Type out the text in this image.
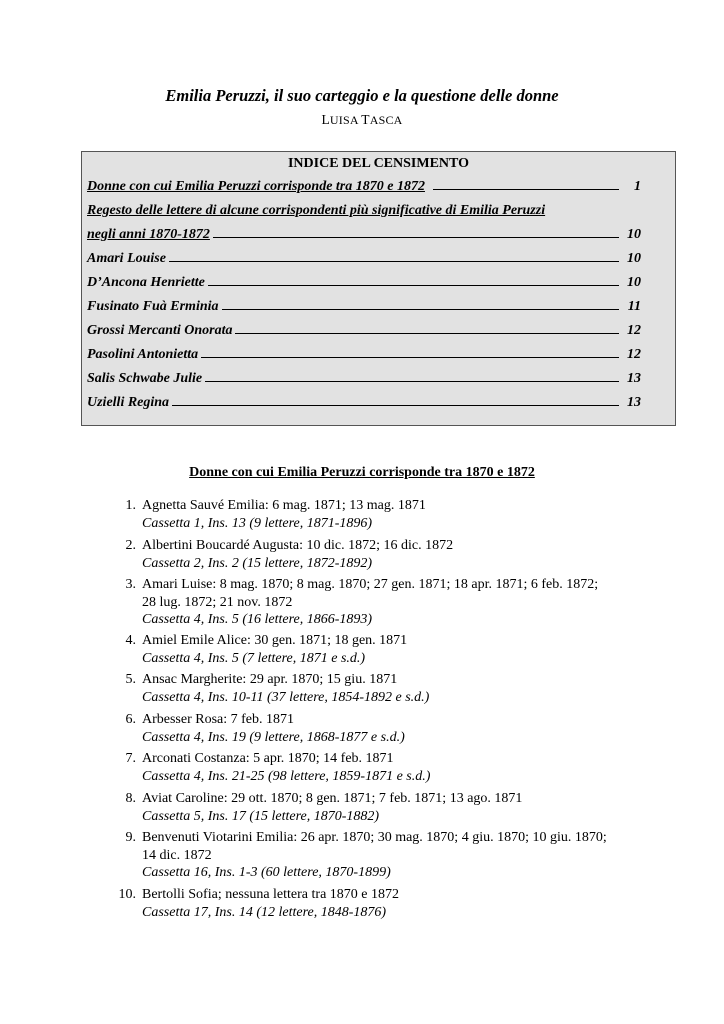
Emilia Peruzzi, il suo carteggio e la questione delle donne
LUISA TASCA
INDICE DEL CENSIMENTO
Donne con cui Emilia Peruzzi corrisponde tra 1870 e 1872	1
Regesto delle lettere di alcune corrispondenti più significative di Emilia Peruzzi
negli anni 1870-1872	10
Amari Louise	10
D’Ancona Henriette	10
Fusinato Fuà Erminia	11
Grossi Mercanti Onorata	12
Pasolini Antonietta	12
Salis Schwabe Julie	13
Uzielli Regina	13
Donne con cui Emilia Peruzzi corrisponde tra 1870 e 1872
1. Agnetta Sauvé Emilia: 6 mag. 1871; 13 mag. 1871
Cassetta 1, Ins. 13 (9 lettere, 1871-1896)
2. Albertini Boucardé Augusta: 10 dic. 1872; 16 dic. 1872
Cassetta 2, Ins. 2 (15 lettere, 1872-1892)
3. Amari Luise: 8 mag. 1870; 8 mag. 1870; 27 gen. 1871; 18 apr. 1871; 6 feb. 1872;
28 lug. 1872; 21 nov. 1872
Cassetta 4, Ins. 5 (16 lettere, 1866-1893)
4. Amiel Emile Alice: 30 gen. 1871; 18 gen. 1871
Cassetta 4, Ins. 5 (7 lettere, 1871 e s.d.)
5. Ansac Margherite: 29 apr. 1870; 15 giu. 1871
Cassetta 4, Ins. 10-11 (37 lettere, 1854-1892 e s.d.)
6. Arbesser Rosa: 7 feb. 1871
Cassetta 4, Ins. 19 (9 lettere, 1868-1877 e s.d.)
7. Arconati Costanza: 5 apr. 1870; 14 feb. 1871
Cassetta 4, Ins. 21-25 (98 lettere, 1859-1871 e s.d.)
8. Aviat Caroline: 29 ott. 1870; 8 gen. 1871; 7 feb. 1871; 13 ago. 1871
Cassetta 5, Ins. 17 (15 lettere, 1870-1882)
9. Benvenuti Viotarini Emilia: 26 apr. 1870; 30 mag. 1870; 4 giu. 1870; 10 giu. 1870;
14 dic. 1872
Cassetta 16, Ins. 1-3 (60 lettere, 1870-1899)
10. Bertolli Sofia; nessuna lettera tra 1870 e 1872
Cassetta 17, Ins. 14 (12 lettere, 1848-1876)
